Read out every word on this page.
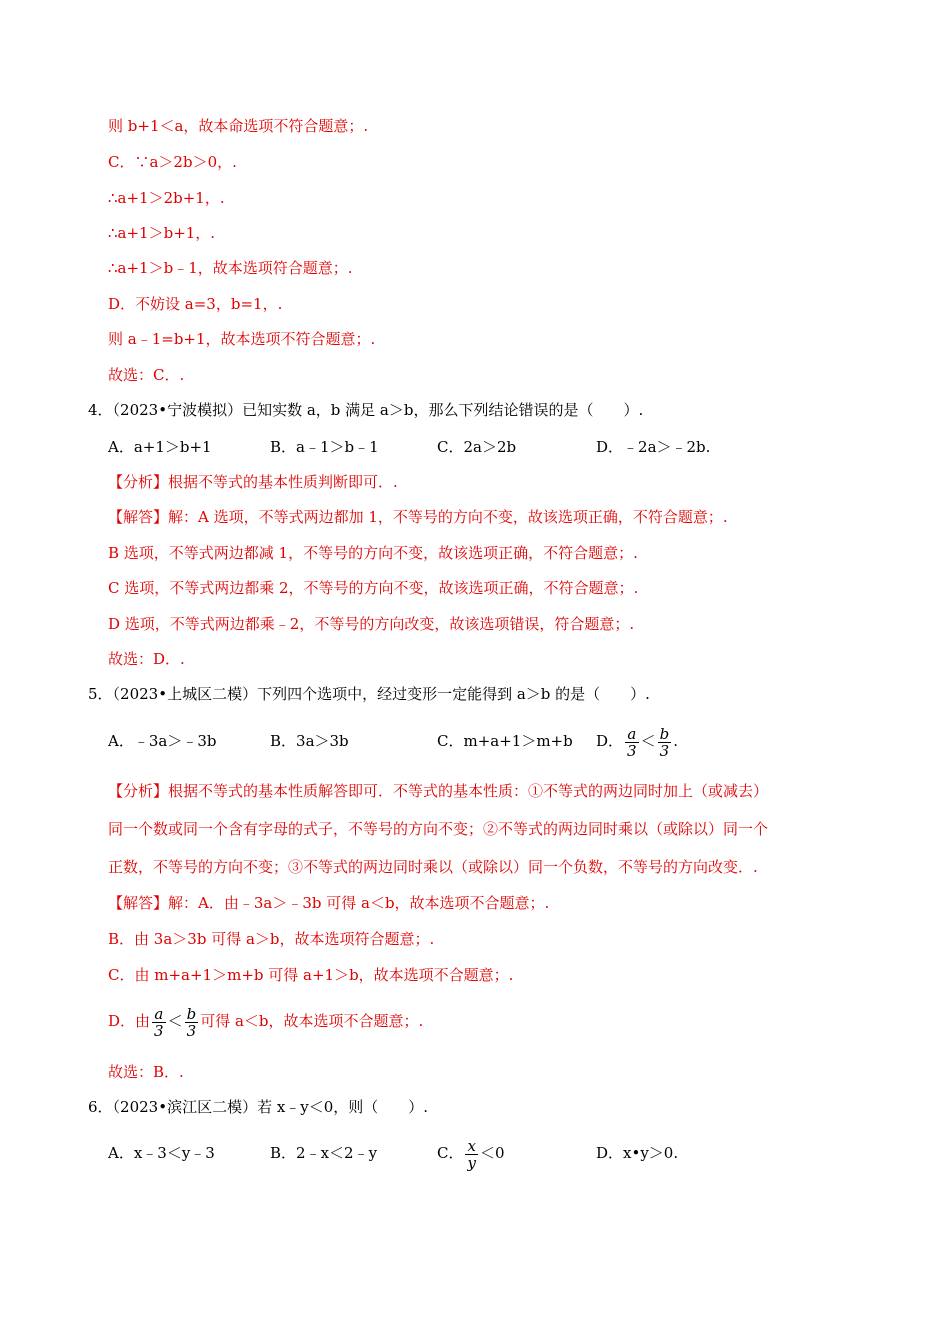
则 b+1＜a，故本命选项不符合题意；.
C．∵a＞2b＞0，.
∴a+1＞2b+1，.
∴a+1＞b+1，.
∴a+1＞b﹣1，故本选项符合题意；.
D．不妨设 a=3，b=1，.
则 a﹣1=b+1，故本选项不符合题意；.
故选：C．.
4．（2023•宁波模拟）已知实数 a，b 满足 a＞b，那么下列结论错误的是（　　）.
A．a+1＞b+1	B．a﹣1＞b﹣1	C．2a＞2b	D．﹣2a＞﹣2b.
【分析】根据不等式的基本性质判断即可．.
【解答】解：A 选项，不等式两边都加 1，不等号的方向不变，故该选项正确，不符合题意；.
B 选项，不等式两边都减 1，不等号的方向不变，故该选项正确，不符合题意；.
C 选项，不等式两边都乘 2，不等号的方向不变，故该选项正确，不符合题意；.
D 选项，不等式两边都乘﹣2，不等号的方向改变，故该选项错误，符合题意；.
故选：D．.
5．（2023•上城区二模）下列四个选项中，经过变形一定能得到 a＞b 的是（　　）.
A．﹣3a＞﹣3b	B．3a＞3b	C．m+a+1＞m+b D． $\frac{a}{3} < \frac{b}{3}$ .
【分析】根据不等式的基本性质解答即可．不等式的基本性质：①不等式的两边同时加上（或减去）
同一个数或同一个含有字母的式子，不等号的方向不变；②不等式的两边同时乘以（或除以）同一个
正数，不等号的方向不变；③不等式的两边同时乘以（或除以）同一个负数，不等号的方向改变．.
【解答】解：A．由﹣3a＞﹣3b 可得 a＜b，故本选项不合题意；.
B．由 3a＞3b 可得 a＞b，故本选项符合题意；.
C．由 m+a+1＞m+b 可得 a+1＞b，故本选项不合题意；.
D．由 $\frac{a}{3} < \frac{b}{3}$ 可得 a＜b，故本选项不合题意；.
故选：B．.
6．（2023•滨江区二模）若 x﹣y＜0，则（　　）.
A．x﹣3＜y﹣3	B．2﹣x＜2﹣y	C． $\frac{x}{y} <0$	D．x•y＞0.
